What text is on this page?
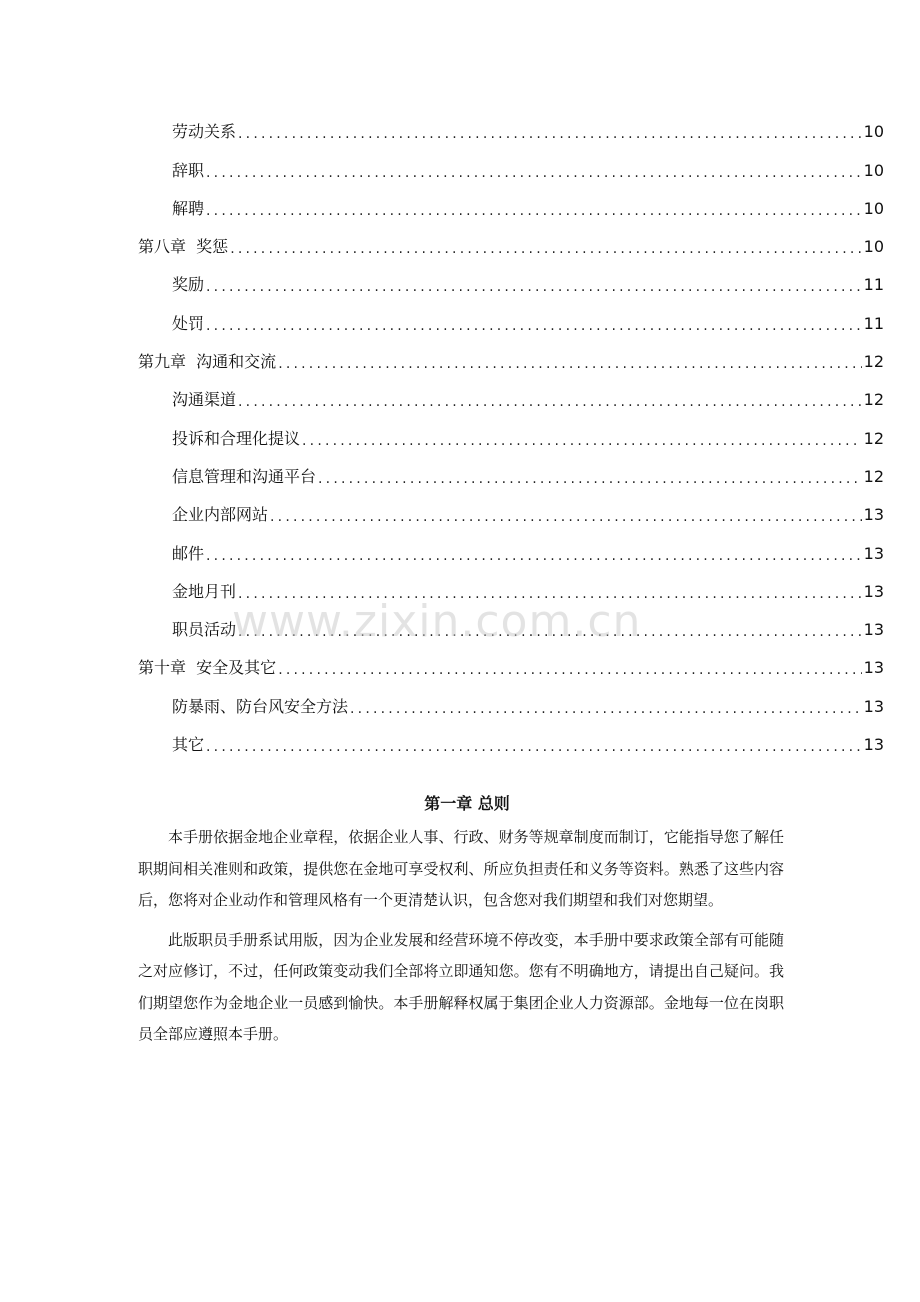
劳动关系 .....	10
辞职 .....	10
解聘 .....	10
第八章  奖惩 .....	10
奖励 .....	11
处罚 .....	11
第九章  沟通和交流 .....	12
沟通渠道 .....	12
投诉和合理化提议 .....	12
信息管理和沟通平台 .....	12
企业内部网站 .....	13
邮件 .....	13
金地月刊 .....	13
职员活动 .....	13
第十章  安全及其它 .....	13
防暴雨、防台风安全方法 .....	13
其它 .....	13
第一章 总则

本手册依据金地企业章程，依据企业人事、行政、财务等规章制度而制订，它能指导您了解任职期间相关准则和政策，提供您在金地可享受权利、所应负担责任和义务等资料。熟悉了这些内容后，您将对企业动作和管理风格有一个更清楚认识，包含您对我们期望和我们对您期望。

此版职员手册系试用版，因为企业发展和经营环境不停改变，本手册中要求政策全部有可能随之对应修订，不过，任何政策变动我们全部将立即通知您。您有不明确地方，请提出自己疑问。我们期望您作为金地企业一员感到愉快。本手册解释权属于集团企业人力资源部。金地每一位在岗职员全部应遵照本手册。

www.zixin.com.cn
